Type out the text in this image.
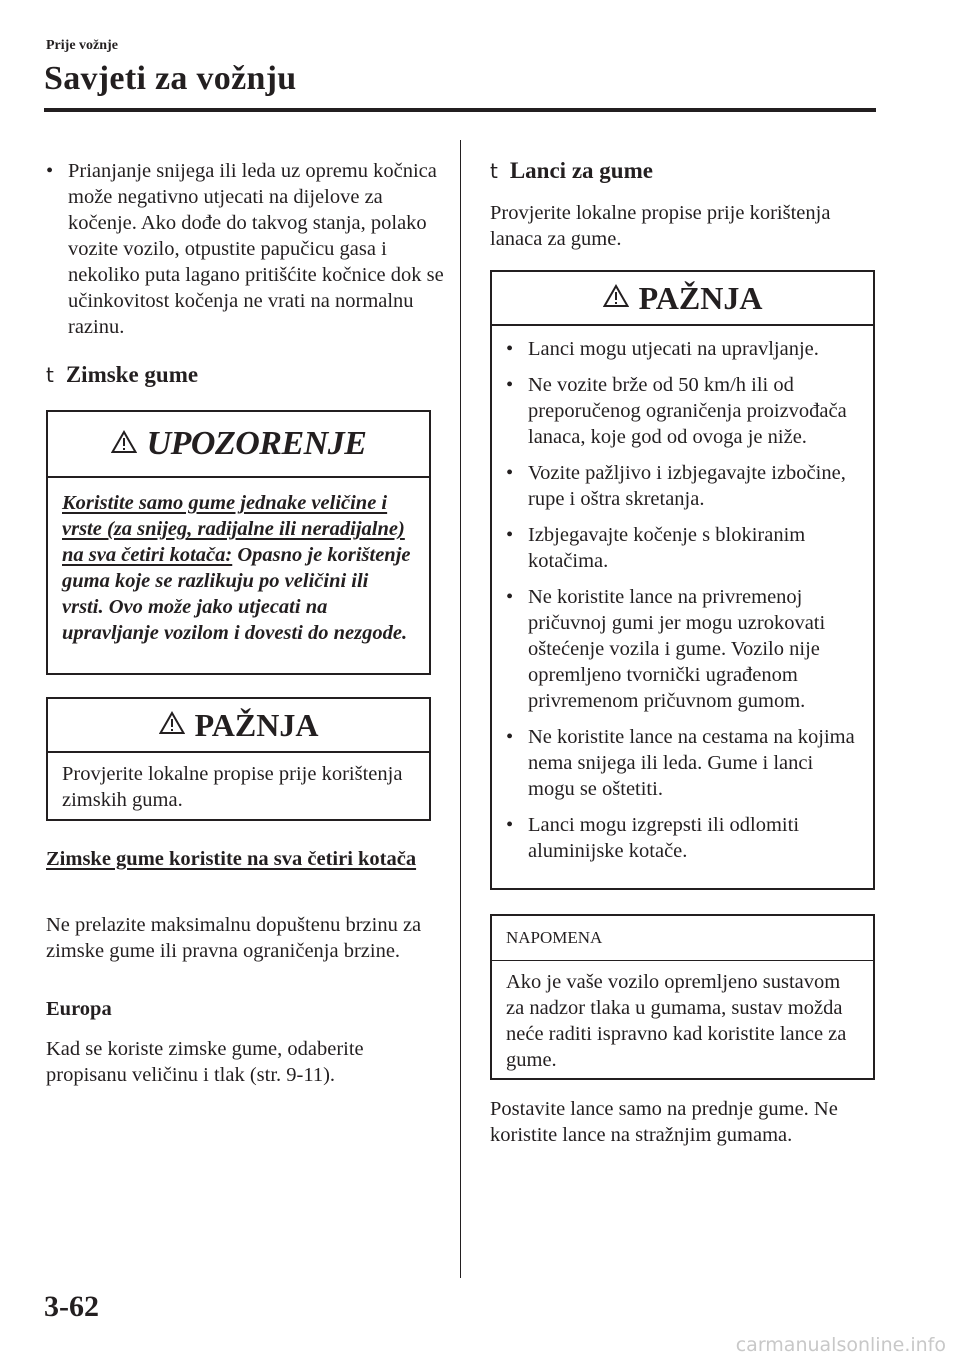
Prije vožnje
Savjeti za vožnju
• Prianjanje snijega ili leda uz opremu kočnica može negativno utjecati na dijelove za kočenje. Ako dođe do takvog stanja, polako vozite vozilo, otpustite papučicu gasa i nekoliko puta lagano pritišćite kočnice dok se učinkovitost kočenja ne vrati na normalnu razinu.
t Zimske gume
UPOZORENJE
Koristite samo gume jednake veličine i vrste (za snijeg, radijalne ili neradijalne) na sva četiri kotača: Opasno je korištenje guma koje se razlikuju po veličini ili vrsti. Ovo može jako utjecati na upravljanje vozilom i dovesti do nezgode.
PAŽNJA
Provjerite lokalne propise prije korištenja zimskih guma.
Zimske gume koristite na sva četiri kotača
Ne prelazite maksimalnu dopuštenu brzinu za zimske gume ili pravna ograničenja brzine.
Europa
Kad se koriste zimske gume, odaberite propisanu veličinu i tlak (str. 9-11).
t Lanci za gume
Provjerite lokalne propise prije korištenja lanaca za gume.
PAŽNJA
• Lanci mogu utjecati na upravljanje.
• Ne vozite brže od 50 km/h ili od preporučenog ograničenja proizvođača lanaca, koje god od ovoga je niže.
• Vozite pažljivo i izbjegavajte izbočine, rupe i oštra skretanja.
• Izbjegavajte kočenje s blokiranim kotačima.
• Ne koristite lance na privremenoj pričuvnoj gumi jer mogu uzrokovati oštećenje vozila i gume. Vozilo nije opremljeno tvornički ugrađenom privremenom pričuvnom gumom.
• Ne koristite lance na cestama na kojima nema snijega ili leda. Gume i lanci mogu se oštetiti.
• Lanci mogu izgrepsti ili odlomiti aluminijske kotače.
NAPOMENA
Ako je vaše vozilo opremljeno sustavom za nadzor tlaka u gumama, sustav možda neće raditi ispravno kad koristite lance za gume.
Postavite lance samo na prednje gume. Ne koristite lance na stražnjim gumama.
3-62
carmanualsonline.info
